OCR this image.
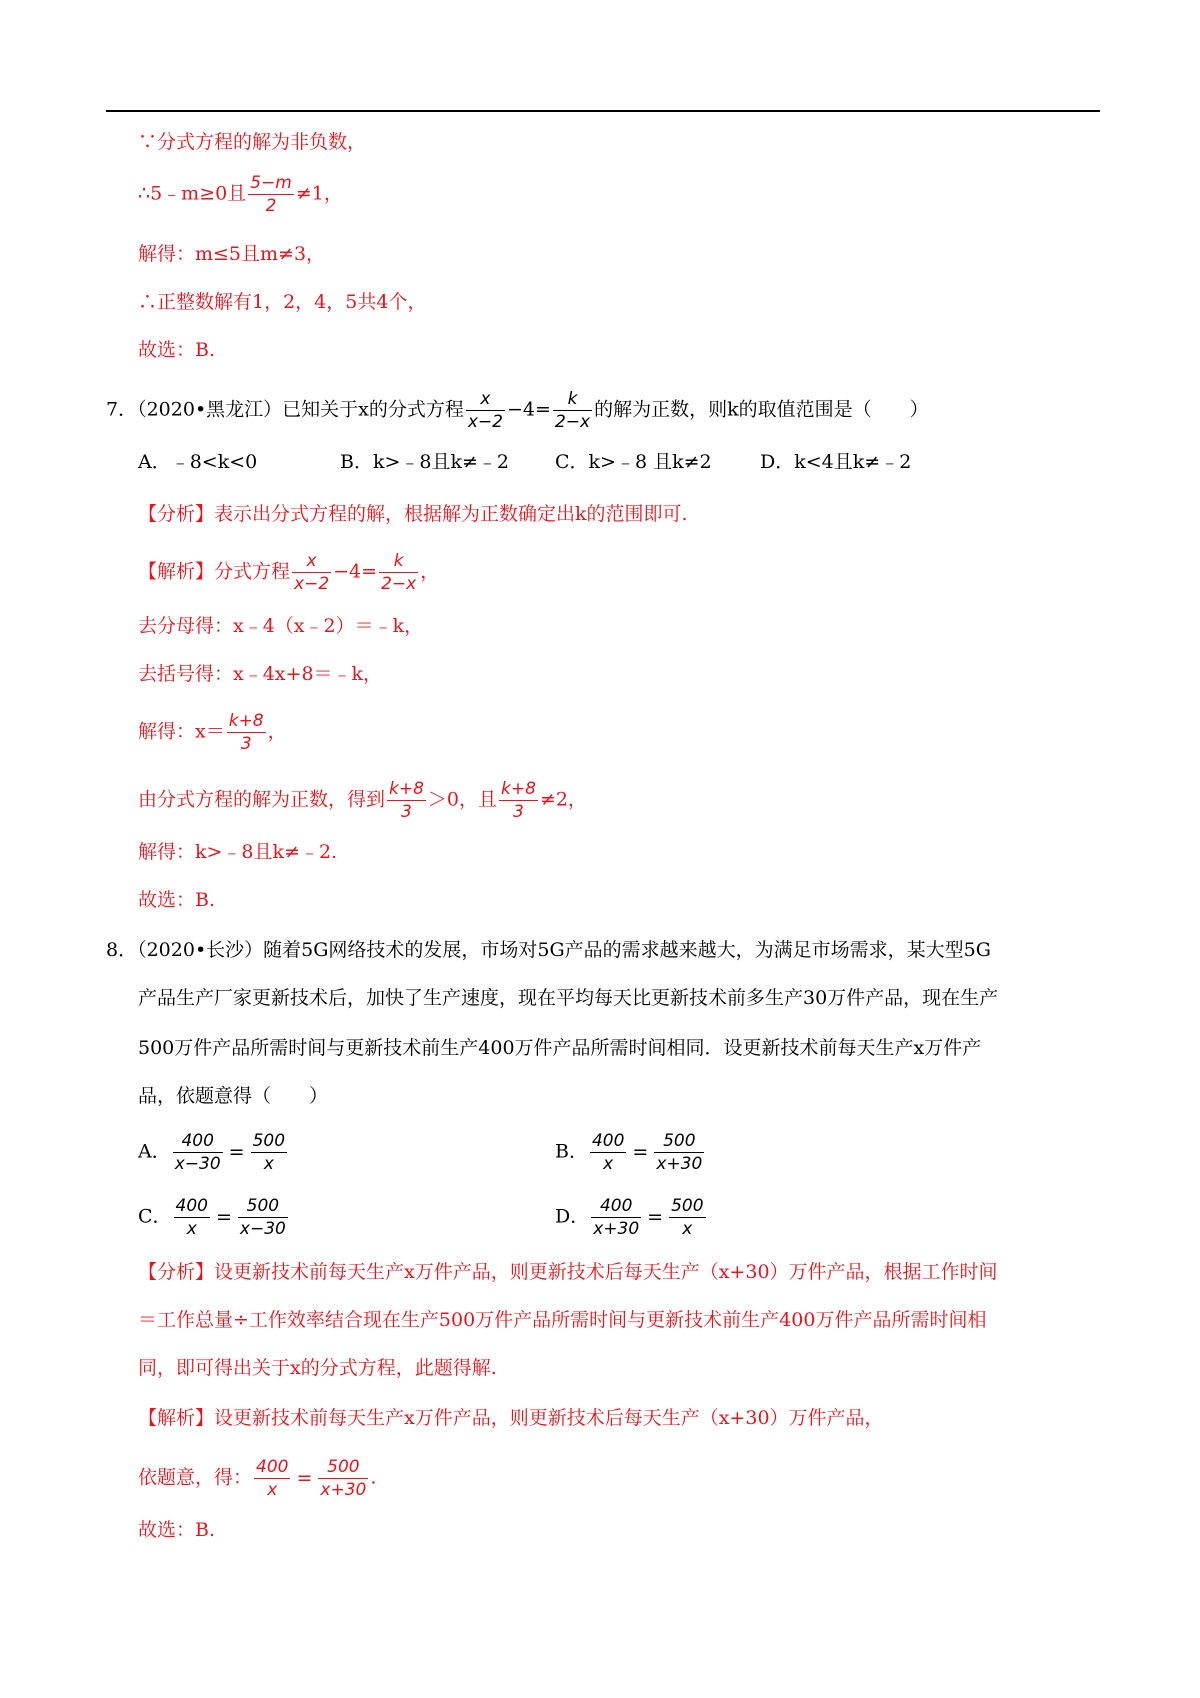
∵分式方程的解为非负数，
∴5﹣m≥0且 $\frac{5-m}{2} \ne 1$，
解得：m≤5且m≠3，
∴正整数解有1，2，4，5共4个，
故选：B.
7．（2020•黑龙江）已知关于x的分式方程 $\frac{x}{x-2} -4= \frac{k}{2-x}$ 的解为正数，则k的取值范围是（　　）
A．﹣8<k<0	B．k>﹣8且k≠﹣2 C．k>﹣8 且k≠2	D．k<4且k≠﹣2
【分析】表示出分式方程的解，根据解为正数确定出k的范围即可.
【解析】分式方程 $\frac{x}{x-2} -4= \frac{k}{2-x}$ ，
去分母得：x﹣4（x﹣2）＝﹣k，
去括号得：x﹣4x+8＝﹣k，
解得：$x= \frac{k+8}{3}$ ，
由分式方程的解为正数，得到 $\frac{k+8}{3} >0$，且 $\frac{k+8}{3} \ne 2$，
解得：k>﹣8且k≠﹣2.
故选：B.
8．（2020•长沙）随着5G网络技术的发展，市场对5G产品的需求越来越大，为满足市场需求，某大型5G
产品生产厂家更新技术后，加快了生产速度，现在平均每天比更新技术前多生产30万件产品，现在生产
500万件产品所需时间与更新技术前生产400万件产品所需时间相同．设更新技术前每天生产x万件产
品，依题意得（　　）
A． $\frac{400}{x-30} = \frac{500}{x}$	B． $\frac{400}{x} = \frac{500}{x+30}$
C． $\frac{400}{x} = \frac{500}{x-30}$	D． $\frac{400}{x+30} = \frac{500}{x}$
【分析】设更新技术前每天生产x万件产品，则更新技术后每天生产（x+30）万件产品，根据工作时间
＝工作总量÷工作效率结合现在生产500万件产品所需时间与更新技术前生产400万件产品所需时间相
同，即可得出关于x的分式方程，此题得解.
【解析】设更新技术前每天生产x万件产品，则更新技术后每天生产（x+30）万件产品，
依题意，得： $\frac{400}{x} = \frac{500}{x+30}$ .
故选：B.
